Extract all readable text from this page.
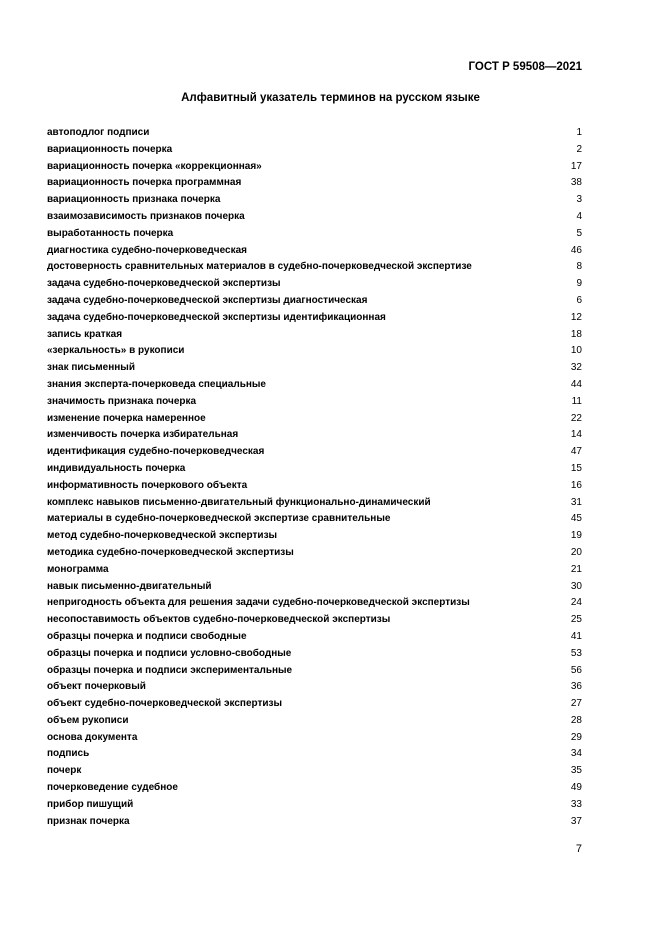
ГОСТ Р 59508—2021
Алфавитный указатель терминов на русском языке
автоподлог подписи	1
вариационность почерка	2
вариационность почерка «коррекционная»	17
вариационность почерка программная	38
вариационность признака почерка	3
взаимозависимость признаков почерка	4
выработанность почерка	5
диагностика судебно-почерковедческая	46
достоверность сравнительных материалов в судебно-почерковедческой экспертизе	8
задача судебно-почерковедческой экспертизы	9
задача судебно-почерковедческой экспертизы диагностическая	6
задача судебно-почерковедческой экспертизы идентификационная	12
запись краткая	18
«зеркальность» в рукописи	10
знак письменный	32
знания эксперта-почерковеда специальные	44
значимость признака почерка	11
изменение почерка намеренное	22
изменчивость почерка избирательная	14
идентификация судебно-почерковедческая	47
индивидуальность почерка	15
информативность почеркового объекта	16
комплекс навыков письменно-двигательный функционально-динамический	31
материалы в судебно-почерковедческой экспертизе сравнительные	45
метод судебно-почерковедческой экспертизы	19
методика судебно-почерковедческой экспертизы	20
монограмма	21
навык письменно-двигательный	30
непригодность объекта для решения задачи судебно-почерковедческой экспертизы	24
несопоставимость объектов судебно-почерковедческой экспертизы	25
образцы почерка и подписи свободные	41
образцы почерка и подписи условно-свободные	53
образцы почерка и подписи экспериментальные	56
объект почерковый	36
объект судебно-почерковедческой экспертизы	27
объем рукописи	28
основа документа	29
подпись	34
почерк	35
почерковедение судебное	49
прибор пишущий	33
признак почерка	37
7
